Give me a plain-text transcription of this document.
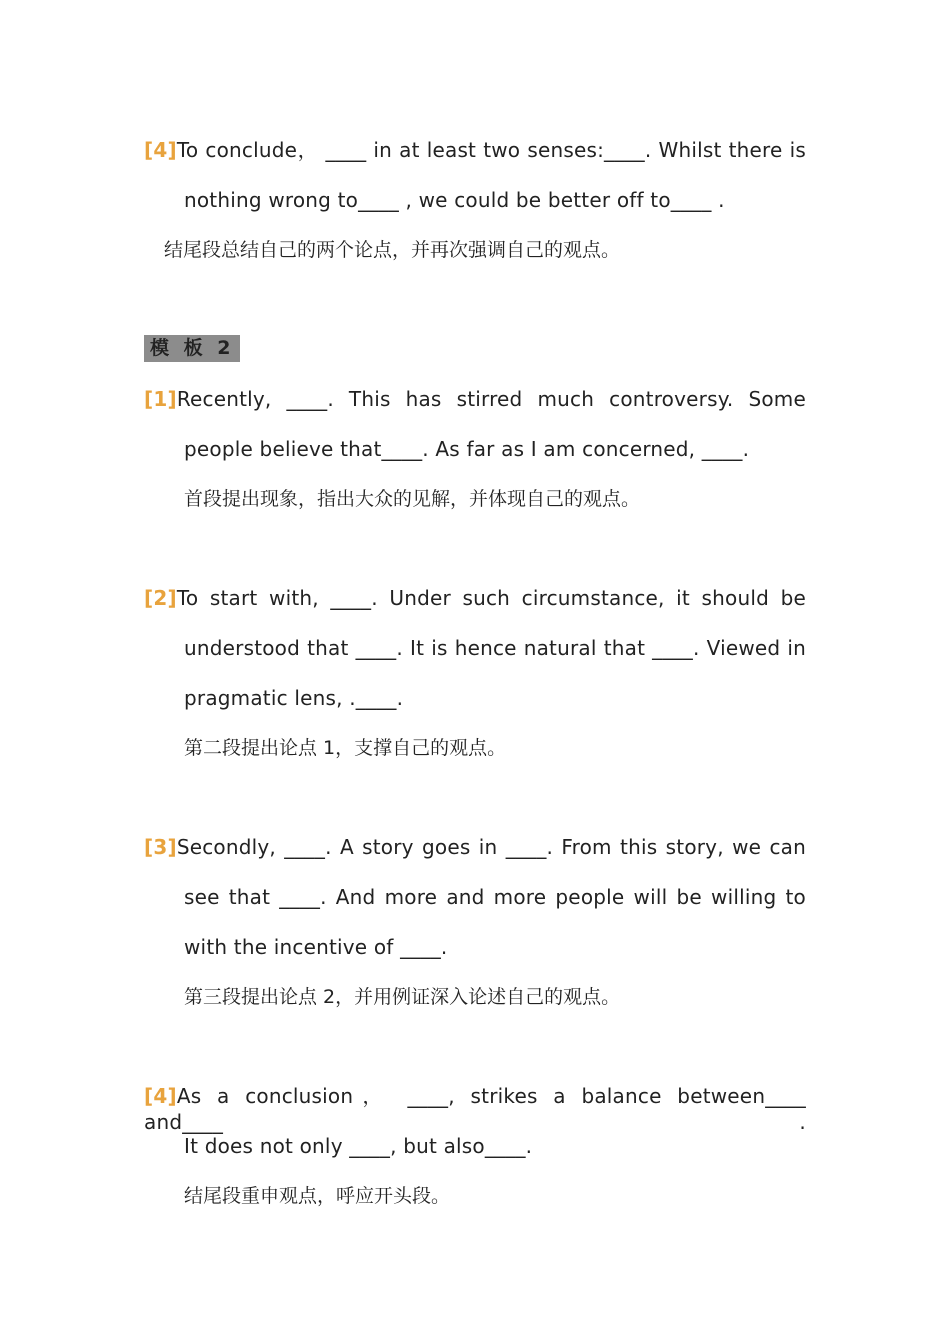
[4]To conclude， ____ in at least two senses:____. Whilst there is
nothing wrong to____ , we could be better off to____ .
结尾段总结自己的两个论点，并再次强调自己的观点。
模 板 2
[1]Recently, ____. This has stirred much controversy. Some
people believe that____. As far as I am concerned, ____.
首段提出现象，指出大众的见解，并体现自己的观点。
[2]To start with, ____. Under such circumstance, it should be
understood that ____. It is hence natural that ____. Viewed in
pragmatic lens, .____.
第二段提出论点 1，支撑自己的观点。
[3]Secondly, ____. A story goes in ____. From this story, we can
see that ____. And more and more people will be willing to
with the incentive of ____.
第三段提出论点 2，并用例证深入论述自己的观点。
[4]As a conclusion， ____, strikes a balance between____ and____ .
It does not only ____, but also____.
结尾段重申观点，呼应开头段。
